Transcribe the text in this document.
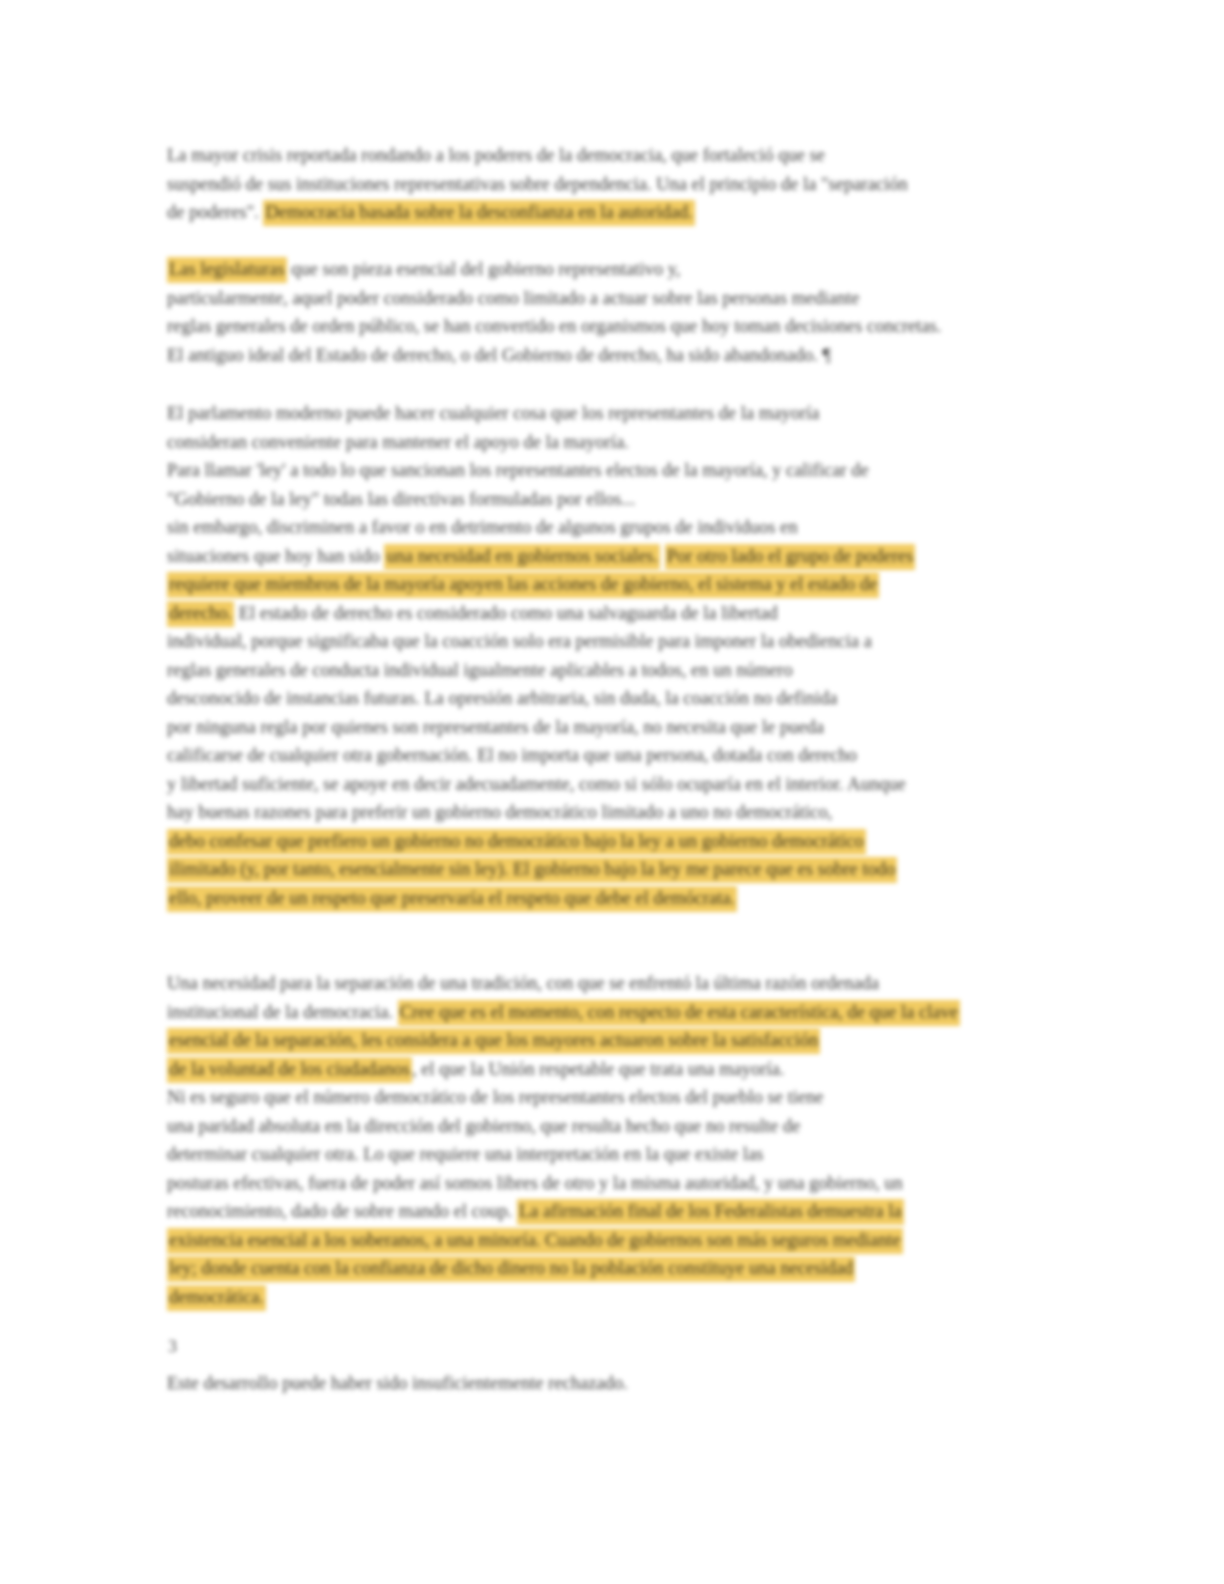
La mayor crisis reportada rondando a los poderes de la democracia, que fortaleció que se
suspendió de sus instituciones representativas sobre dependencia. Una el principio de la "separación
de poderes". Democracia basada sobre la desconfianza en la autoridad.
Las legislaturas que son pieza esencial del gobierno representativo y,
particularmente, aquel poder considerado como limitado a actuar sobre las personas mediante
reglas generales de orden público, se han convertido en organismos que hoy toman decisiones concretas.
El antiguo ideal del Estado de derecho, o del Gobierno de derecho, ha sido abandonado. ¶
El parlamento moderno puede hacer cualquier cosa que los representantes de la mayoría
consideran conveniente para mantener el apoyo de la mayoría.
Para llamar 'ley' a todo lo que sancionan los representantes electos de la mayoría, y calificar de
"Gobierno de la ley" todas las directivas formuladas por ellos...
sin embargo, discriminen a favor o en detrimento de algunos grupos de individuos en
situaciones que hoy han sido una necesidad en gobiernos sociales. Por otro lado el grupo de poderes
requiere que miembros de la mayoría apoyen las acciones de gobierno, el sistema y el estado de
derecho. El estado de derecho es considerado como una salvaguarda de la libertad
individual, porque significaba que la coacción solo era permisible para imponer la obediencia a
reglas generales de conducta individual igualmente aplicables a todos, en un número
desconocido de instancias futuras. La opresión arbitraria, sin duda, la coacción no definida
por ninguna regla por quienes son representantes de la mayoría, no necesita que le pueda
calificarse de cualquier otra gobernación. El no importa que una persona, dotada con derecho
y libertad suficiente, se apoye en decir adecuadamente, como si sólo ocuparía en el interior. Aunque
hay buenas razones para preferir un gobierno democrático limitado a uno no democrático,
debo confesar que prefiero un gobierno no democrático bajo la ley a un gobierno democrático
ilimitado (y, por tanto, esencialmente sin ley). El gobierno bajo la ley me parece que es sobre todo
ello, proveer de un respeto que preservaría el respeto que debe el demócrata.
Una necesidad para la separación de una tradición, con que se enfrentó la última razón ordenada
institucional de la democracia. Cree que es el momento, con respecto de esta característica, de que la clave
esencial de la separación, les considera a que los mayores actuaron sobre la satisfacción
de la voluntad de los ciudadanos , el que la Unión respetable que trata una mayoría.
Ni es seguro que el número democrático de los representantes electos del pueblo se tiene
una paridad absoluta en la dirección del gobierno, que resulta hecho que no resulte de
determinar cualquier otra. Lo que requiere una interpretación en la que existe las
posturas efectivas, fuera de poder así somos libres de otro y la misma autoridad, y una gobierno, un
reconocimiento, dado de sobre mando el coup. La afirmación final de los Federalistas demuestra la
existencia esencial a los soberanos, a una minoría. Cuando de gobiernos son más seguros mediante
ley; donde cuenta con la confianza de dicho dinero no la población constituye una necesidad
democrática.
3
Este desarrollo puede haber sido insuficientemente rechazado.
